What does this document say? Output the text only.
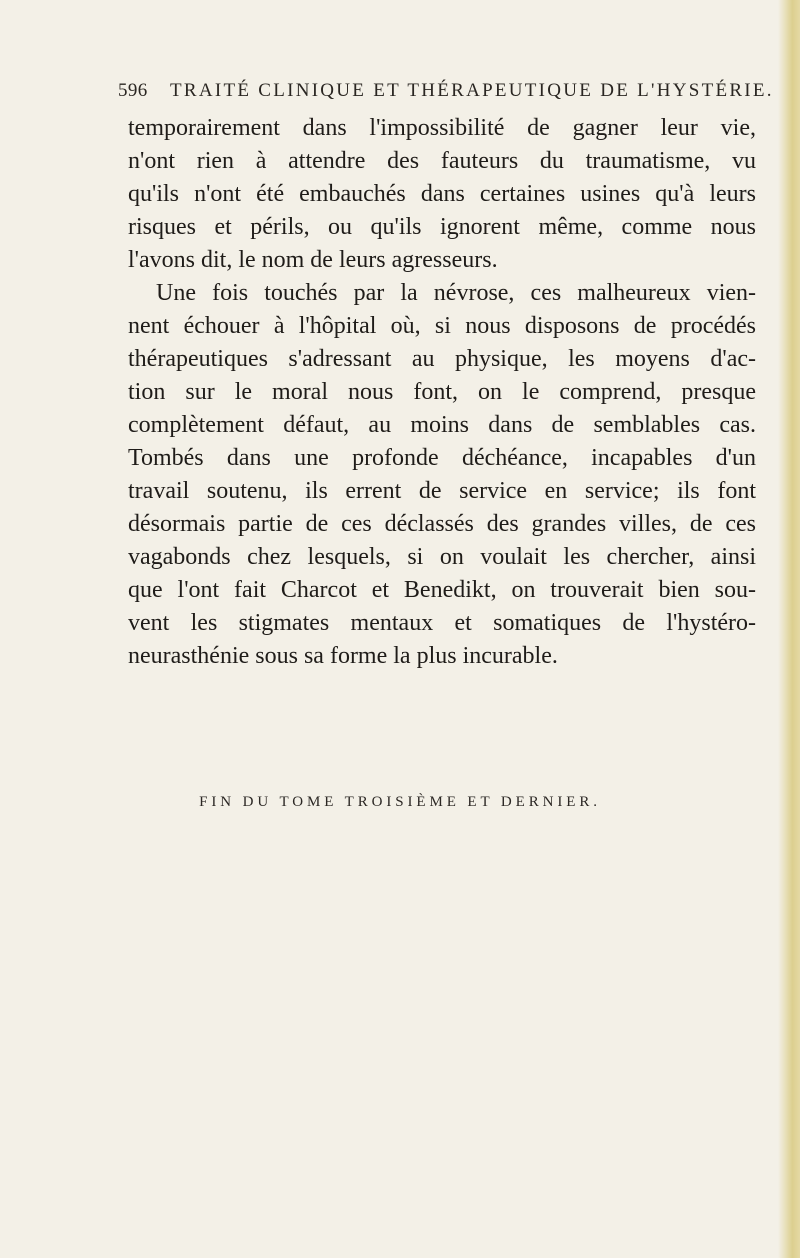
596 TRAITÉ CLINIQUE ET THÉRAPEUTIQUE DE L'HYSTÉRIE.
temporairement dans l'impossibilité de gagner leur vie,
n'ont rien à attendre des fauteurs du traumatisme, vu
qu'ils n'ont été embauchés dans certaines usines qu'à leurs
risques et périls, ou qu'ils ignorent même, comme nous
l'avons dit, le nom de leurs agresseurs.
Une fois touchés par la névrose, ces malheureux vien-
nent échouer à l'hôpital où, si nous disposons de procédés
thérapeutiques s'adressant au physique, les moyens d'ac-
tion sur le moral nous font, on le comprend, presque
complètement défaut, au moins dans de semblables cas.
Tombés dans une profonde déchéance, incapables d'un
travail soutenu, ils errent de service en service; ils font
désormais partie de ces déclassés des grandes villes, de ces
vagabonds chez lesquels, si on voulait les chercher, ainsi
que l'ont fait Charcot et Benedikt, on trouverait bien sou-
vent les stigmates mentaux et somatiques de l'hystéro-
neurasthénie sous sa forme la plus incurable.
FIN DU TOME TROISIÈME ET DERNIER.
